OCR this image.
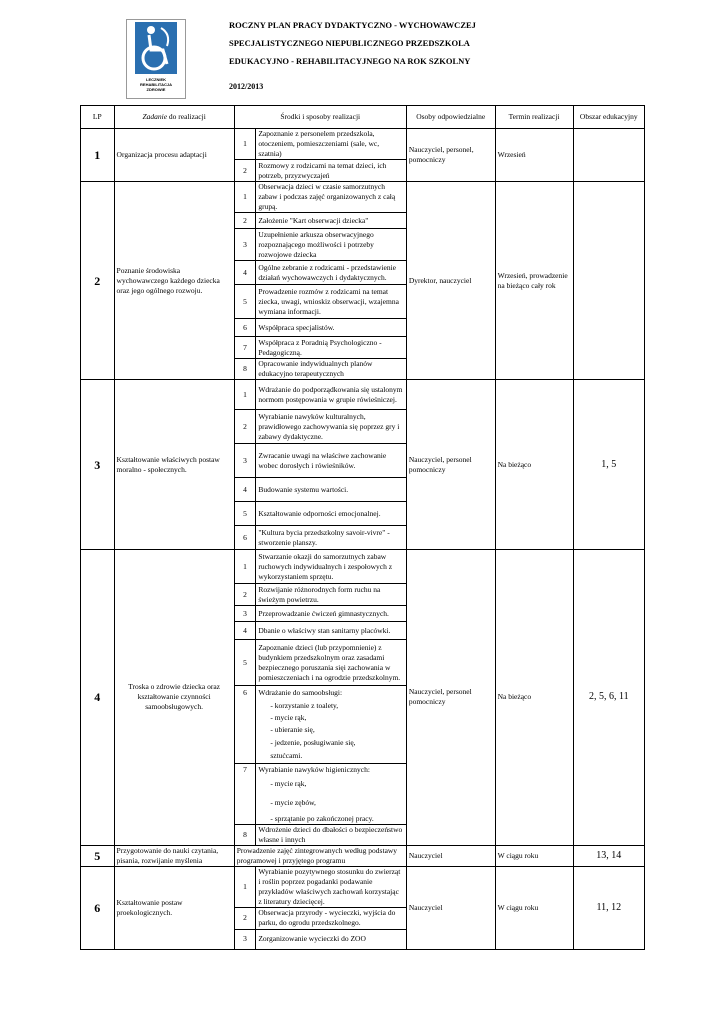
LECZNIEK
REHABILITACJA
ZDROWIE
ROCZNY PLAN PRACY DYDAKTYCZNO - WYCHOWAWCZEJ
SPECJALISTYCZNEGO NIEPUBLICZNEGO PRZEDSZKOLA
EDUKACYJNO - REHABILITACYJNEGO NA ROK SZKOLNY
2012/2013
LP	Zadanie do realizacji	Środki i sposoby realizacji		Osoby odpowiedzialne	Termin realizacji	Obszar edukacyjny
1	Organizacja procesu adaptacji	1	Zapoznanie z personelem przedszkola, otoczeniem, pomieszczeniami (sale, wc, szatnia)	Nauczyciel, personel, pomocniczy	Wrzesień	
		2	Rozmowy z rodzicami na temat dzieci, ich potrzeb, przyzwyczajeń			
2	Poznanie środowiska wychowawczego każdego dziecka oraz jego ogólnego rozwoju.	1	Obserwacja dzieci w czasie samorzutnych zabaw i podczas zajęć organizowanych z całą grupą.	Dyrektor, nauczyciel	Wrzesień, prowadzenie na bieżąco cały rok	
		2	Założenie "Kart obserwacji dziecka"			
		3	Uzupełnienie arkusza obserwacyjnego rozpoznającego możliwości i potrzeby rozwojowe dziecka			
		4	Ogólne zebranie z rodzicami - przedstawienie działań wychowawczych i dydaktycznych.			
		5	Prowadzenie rozmów z rodzicami na temat ziecka, uwagi, wnioskiz obserwacji, wzajemna wymiana informacji.			
		6	Współpraca specjalistów.			
		7	Współpraca z Poradnią Psychologiczno - Pedagogiczną.			
		8	Opracowanie indywidualnych planów edukacyjno terapeutycznych			
3	Kształtowanie właściwych postaw moralno - społecznych.	1	Wdrażanie do podporządkowania się ustalonym normom postępowania w grupie rówieśniczej.	Nauczyciel, personel pomocniczy	Na bieżąco	1, 5
		2	Wyrabianie nawyków kulturalnych, prawidłowego zachowywania się poprzez gry i zabawy dydaktyczne.			
		3	Zwracanie uwagi na właściwe zachowanie wobec dorosłych i rówieśników.			
		4	Budowanie systemu wartości.			
		5	Kształtowanie odporności emocjonalnej.			
		6	"Kultura bycia przedszkolny savoir-vivre" - stworzenie planszy.			
4	Troska o zdrowie dziecka oraz kształtowanie czynności samoobsługowych.	1	Stwarzanie okazji do samorzutnych zabaw ruchowych indywidualnych i zespołowych z wykorzystaniem sprzętu.	Nauczyciel, personel pomocniczy	Na bieżąco	2, 5, 6, 11
		2	Rozwijanie różnorodnych form ruchu na świeżym powietrzu.			
		3	Przeprowadzanie ćwiczeń gimnastycznych.			
		4	Dbanie o właściwy stan sanitarny placówki.			
		5	Zapoznanie dzieci (lub przypomnienie) z budynkiem przedszkolnym oraz zasadami bezpiecznego poruszania sięi zachowania w pomieszczeniach i na ogrodzie przedszkolnym.			
		6	Wdrażanie do samoobsługi:			
			- korzystanie z toalety,			
			- mycie rąk,			
			- ubieranie się,			
			- jedzenie, posługiwanie się,			
			sztućcami.			
		7	Wyrabianie nawyków higienicznych:			
			- mycie rąk,			
			- mycie zębów,			
			- sprzątanie po zakończonej pracy.			
		8	Wdrożenie dzieci do dbałości o bezpieczeństwo własne i innych			
5	Przygotowanie do nauki czytania, pisania, rozwijanie myślenia	Prowadzenie zajęć zintegrowanych według podstawy programowej i przyjętego programu		Nauczyciel	W ciągu roku	13, 14
6	Kształtowanie postaw proekologicznych.	1	Wyrabianie pozytywnego stosunku do zwierząt i roślin poprzez pogadanki podawanie przykładów właściwych zachowań korzystając z literatury dziecięcej.	Nauczyciel	W ciągu roku	11, 12
		2	Obserwacja przyrody - wycieczki, wyjścia do parku, do ogrodu przedszkolnego.			
		3	Zorganizowanie wycieczki do ZOO			
